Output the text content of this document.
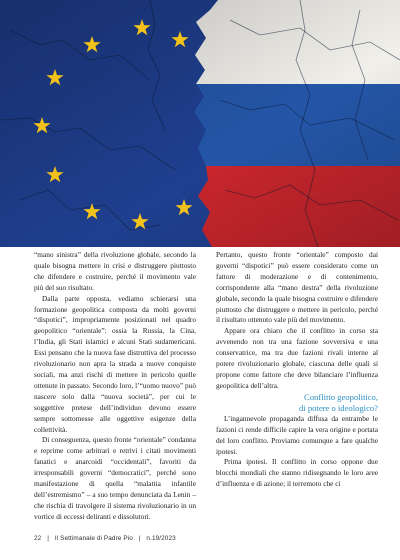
“mano sinistra” della rivoluzione globale, secondo la quale bisogna mettere in crisi e distruggere piuttosto che difendere e costruire, perché il movimento vale più del suo risultato.

Dalla parte opposta, vediamo schierarsi una formazione geopolitica composta da molti governi “dispotici”, impropriamente posizionati nel quadro geopolitico “orientale”: ossia la Russia, la Cina, l’India, gli Stati islamici e alcuni Stati sudamericani. Essi pensano che la nuova fase distruttiva del processo rivoluzionario non apra la strada a nuove conquiste sociali, ma anzi rischi di mettere in pericolo quelle ottenute in passato. Secondo loro, l’“uomo nuovo” può nascere solo dalla “nuova società”, per cui le soggettive pretese dell’individuo devono essere sempre sottomesse alle oggettive esigenze della collettività.

Di conseguenza, questo fronte “orientale” condanna e reprime come arbitrari e retrivi i citati movimenti fanatici e anarcoidi “occidentali”, favoriti da irresponsabili governi “democratici”, perché sono manifestazione di quella “malattia infantile dell’estremismo” – a suo tempo denunciata da Lenin – che rischia di travolgere il sistema rivoluzionario in un vortice di eccessi deliranti e dissolutori.

Pertanto, questo fronte “orientale” composto dai governi “dispotici” può essere considerato come un fattore di moderazione e di contenimento, corrispondente alla “mano destra” della rivoluzione globale, secondo la quale bisogna costruire e difendere piuttosto che distruggere e mettere in pericolo, perché il risultato ottenuto vale più del movimento.

Appare ora chiaro che il conflitto in corso sta avvenendo non tra una fazione sovversiva e una conservatrice, ma tra due fazioni rivali interne al potere rivoluzionario globale, ciascuna delle quali si propone come fattore che deve bilanciare l’influenza geopolitica dell’altra.

Conflitto geopolitico,
di potere o ideologico?

L’ingannevole propaganda diffusa da entrambe le fazioni ci rende difficile capire la vera origine e portata del loro conflitto. Proviamo comunque a fare qualche ipotesi.

Prima ipotesi. Il conflitto in corso oppone due blocchi mondiali che stanno ridisegnando le loro aree d’influenza e di azione; il terremoto che ci

22 | Il Settimanale di Padre Pio | n.19/2023
